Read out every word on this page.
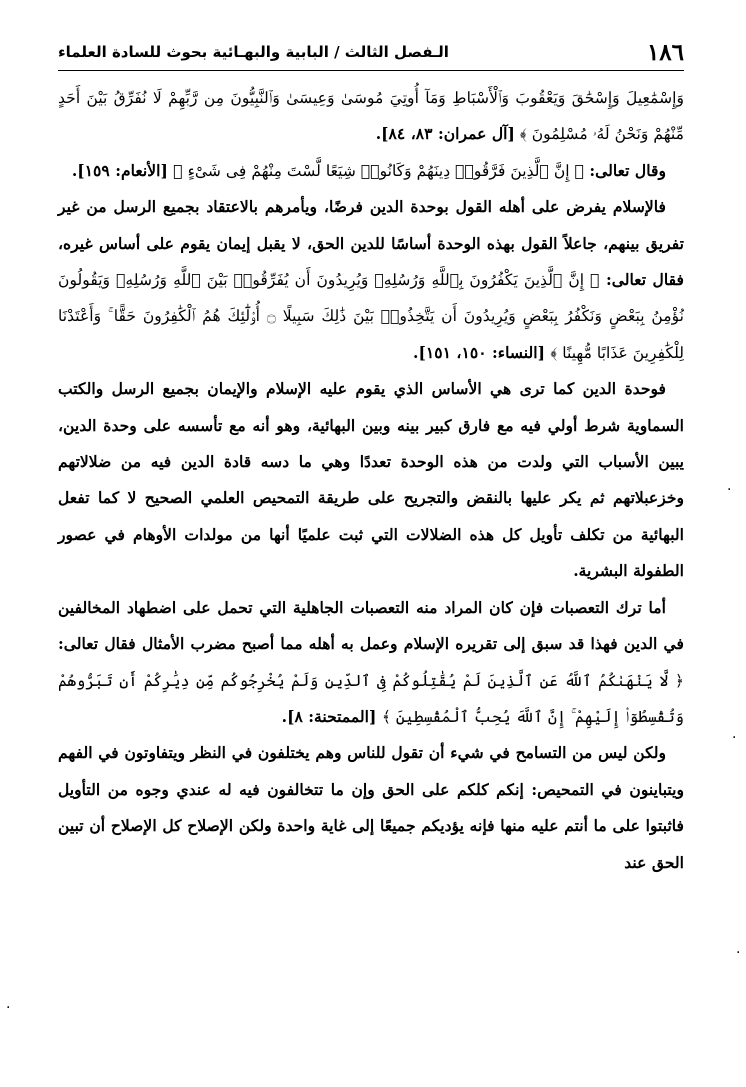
١٨٦
الـفصل الثالث / البابية والبهـائية بحوث للسادة العلماء

وَإِسْمَٰعِيلَ وَإِسْحَٰقَ وَيَعْقُوبَ وَٱلْأَسْبَاطِ وَمَآ أُوتِيَ مُوسَىٰ وَعِيسَىٰ وَٱلنَّبِيُّونَ مِن رَّبِّهِمْ لَا نُفَرِّقُ بَيْنَ أَحَدٍ مِّنْهُمْ وَنَحْنُ لَهُۥ مُسْلِمُونَ ﴾ [آل عمران: ٨٣، ٨٤].

وقال تعالى: ﴿ إِنَّ ٱلَّذِينَ فَرَّقُوا۟ دِينَهُمْ وَكَانُوا۟ شِيَعًا لَّسْتَ مِنْهُمْ فِى شَىْءٍ ﴾ [الأنعام: ١٥٩].

فالإسلام يفرض على أهله القول بوحدة الدين فرضًا، ويأمرهم بالاعتقاد بجميع الرسل من غير تفريق بينهم، جاعلاً القول بهذه الوحدة أساسًا للدين الحق، لا يقبل إيمان يقوم على أساس غيره، فقال تعالى: ﴿ إِنَّ ٱلَّذِينَ يَكْفُرُونَ بِٱللَّهِ وَرُسُلِهِۦ وَيُرِيدُونَ أَن يُفَرِّقُوا۟ بَيْنَ ٱللَّهِ وَرُسُلِهِۦ وَيَقُولُونَ نُؤْمِنُ بِبَعْضٍ وَنَكْفُرُ بِبَعْضٍ وَيُرِيدُونَ أَن يَتَّخِذُوا۟ بَيْنَ ذَٰلِكَ سَبِيلًا ۝ أُو۟لَٰٓئِكَ هُمُ ٱلْكَٰفِرُونَ حَقًّا ۚ وَأَعْتَدْنَا لِلْكَٰفِرِينَ عَذَابًا مُّهِينًا ﴾ [النساء: ١٥٠، ١٥١].

فوحدة الدين كما ترى هي الأساس الذي يقوم عليه الإسلام والإيمان بجميع الرسل والكتب السماوية شرط أولي فيه مع فارق كبير بينه وبين البهائية، وهو أنه مع تأسسه على وحدة الدين، يبين الأسباب التي ولدت من هذه الوحدة تعددًا وهي ما دسه قادة الدين فيه من ضلالاتهم وخزعبلاتهم ثم يكر عليها بالنقض والتجريح على طريقة التمحيص العلمي الصحيح لا كما تفعل البهائية من تكلف تأويل كل هذه الضلالات التي ثبت علميًا أنها من مولدات الأوهام في عصور الطفولة البشرية.

أما ترك التعصبات فإن كان المراد منه التعصبات الجاهلية التي تحمل على اضطهاد المخالفين في الدين فهذا قد سبق إلى تقريره الإسلام وعمل به أهله مما أصبح مضرب الأمثال فقال تعالى: ﴿ لَّا يَنْهَىٰكُمُ ٱللَّهُ عَنِ ٱلَّذِينَ لَمْ يُقَٰتِلُوكُمْ فِى ٱلدِّينِ وَلَمْ يُخْرِجُوكُم مِّن دِيَٰرِكُمْ أَن تَبَرُّوهُمْ وَتُقْسِطُوٓا۟ إِلَيْهِمْ ۚ إِنَّ ٱللَّهَ يُحِبُّ ٱلْمُقْسِطِينَ ﴾ [الممتحنة: ٨].

ولكن ليس من التسامح في شيء أن تقول للناس وهم يختلفون في النظر ويتفاوتون في الفهم ويتباينون في التمحيص: إنكم كلكم على الحق وإن ما تتخالفون فيه له عندي وجوه من التأويل فاثبتوا على ما أنتم عليه منها فإنه يؤديكم جميعًا إلى غاية واحدة ولكن الإصلاح كل الإصلاح أن تبين الحق عند

·
·
·
·
